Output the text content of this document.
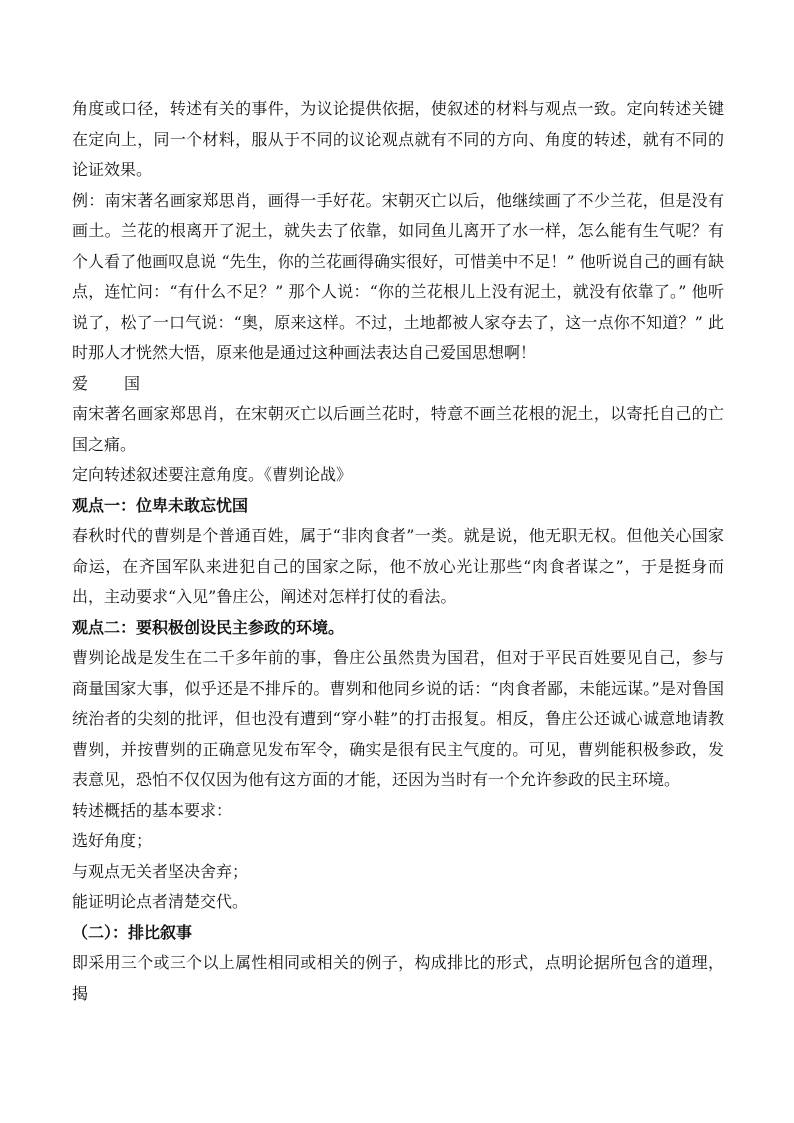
角度或口径，转述有关的事件，为议论提供依据，使叙述的材料与观点一致。定向转述关键在定向上，同一个材料，服从于不同的议论观点就有不同的方向、角度的转述，就有不同的论证效果。

例：南宋著名画家郑思肖，画得一手好花。宋朝灭亡以后，他继续画了不少兰花，但是没有画土。兰花的根离开了泥土，就失去了依靠，如同鱼儿离开了水一样，怎么能有生气呢？有个人看了他画叹息说 “先生，你的兰花画得确实很好，可惜美中不足！” 他听说自己的画有缺点，连忙问：“有什么不足？” 那个人说：“你的兰花根儿上没有泥土，就没有依靠了。” 他听说了，松了一口气说：“奥，原来这样。不过，土地都被人家夺去了，这一点你不知道？” 此时那人才恍然大悟，原来他是通过这种画法表达自己爱国思想啊！

爱 国

南宋著名画家郑思肖，在宋朝灭亡以后画兰花时，特意不画兰花根的泥土，以寄托自己的亡国之痛。

定向转述叙述要注意角度。《曹刿论战》

观点一：位卑未敢忘忧国

春秋时代的曹刿是个普通百姓，属于“非肉食者”一类。就是说，他无职无权。但他关心国家命运，在齐国军队来进犯自己的国家之际，他不放心光让那些“肉食者谋之”，于是挺身而出，主动要求“入见”鲁庄公，阐述对怎样打仗的看法。

观点二：要积极创设民主参政的环境。

曹刿论战是发生在二千多年前的事，鲁庄公虽然贵为国君，但对于平民百姓要见自己，参与商量国家大事，似乎还是不排斥的。曹刿和他同乡说的话：“肉食者鄙，未能远谋。”是对鲁国统治者的尖刻的批评，但也没有遭到“穿小鞋”的打击报复。相反，鲁庄公还诚心诚意地请教曹刿，并按曹刿的正确意见发布军令，确实是很有民主气度的。可见，曹刿能积极参政，发表意见，恐怕不仅仅因为他有这方面的才能，还因为当时有一个允许参政的民主环境。

转述概括的基本要求：

选好角度；

与观点无关者坚决舍弃；

能证明论点者清楚交代。

（二）：排比叙事

即采用三个或三个以上属性相同或相关的例子，构成排比的形式，点明论据所包含的道理，揭
